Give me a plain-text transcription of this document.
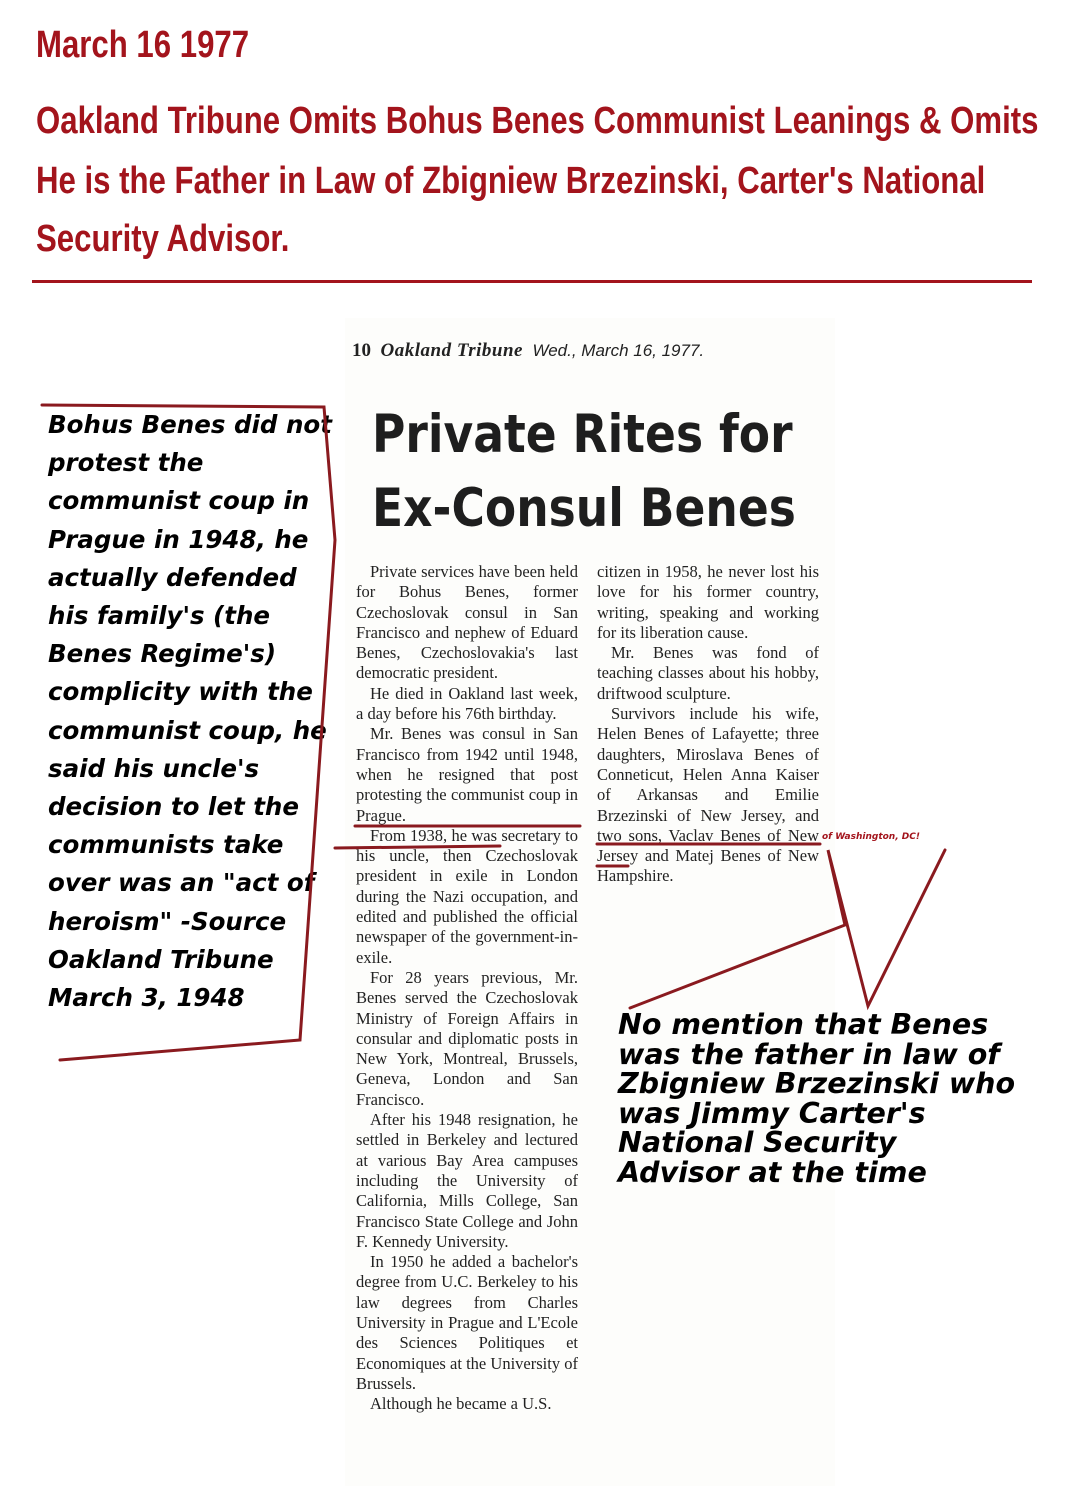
March 16 1977
Oakland Tribune Omits Bohus Benes Communist Leanings & Omits
He is the Father in Law of Zbigniew Brzezinski, Carter's National
Security Advisor.
10 Oakland Tribune Wed., March 16, 1977.
Private Rites for
Ex-Consul Benes

Private services have been held for Bohus Benes, former Czechoslovak consul in San Francisco and nephew of Eduard Benes, Czechoslovakia's last democratic president.

He died in Oakland last week, a day before his 76th birthday.

Mr. Benes was consul in San Francisco from 1942 until 1948, when he resigned that post protesting the communist coup in Prague.

From 1938, he was secretary to his uncle, then Czechoslovak president in exile in London during the Nazi occupation, and edited and published the official newspaper of the government-in-exile.

For 28 years previous, Mr. Benes served the Czechoslovak Ministry of Foreign Affairs in consular and diplomatic posts in New York, Montreal, Brussels, Geneva, London and San Francisco.

After his 1948 resignation, he settled in Berkeley and lectured at various Bay Area campuses including the University of California, Mills College, San Francisco State College and John F. Kennedy University.

In 1950 he added a bachelor's degree from U.C. Berkeley to his law degrees from Charles University in Prague and L'Ecole des Sciences Politiques et Economiques at the University of Brussels.

Although he became a U.S.

citizen in 1958, he never lost his love for his former country, writing, speaking and working for its liberation cause.

Mr. Benes was fond of teaching classes about his hobby, driftwood sculpture.

Survivors include his wife, Helen Benes of Lafayette; three daughters, Miroslava Benes of Conneticut, Helen Anna Kaiser of Arkansas and Emilie Brzezinski of New Jersey, and two sons, Vaclav Benes of New Jersey and Matej Benes of New Hampshire.

Bohus Benes did not protest the communist coup in Prague in 1948, he actually defended his family's (the Benes Regime's) complicity with the communist coup, he said his uncle's decision to let the communists take over was an "act of heroism" -Source Oakland Tribune March 3, 1948
of Washington, DC!
No mention that Benes was the father in law of Zbigniew Brzezinski who was Jimmy Carter's National Security Advisor at the time
